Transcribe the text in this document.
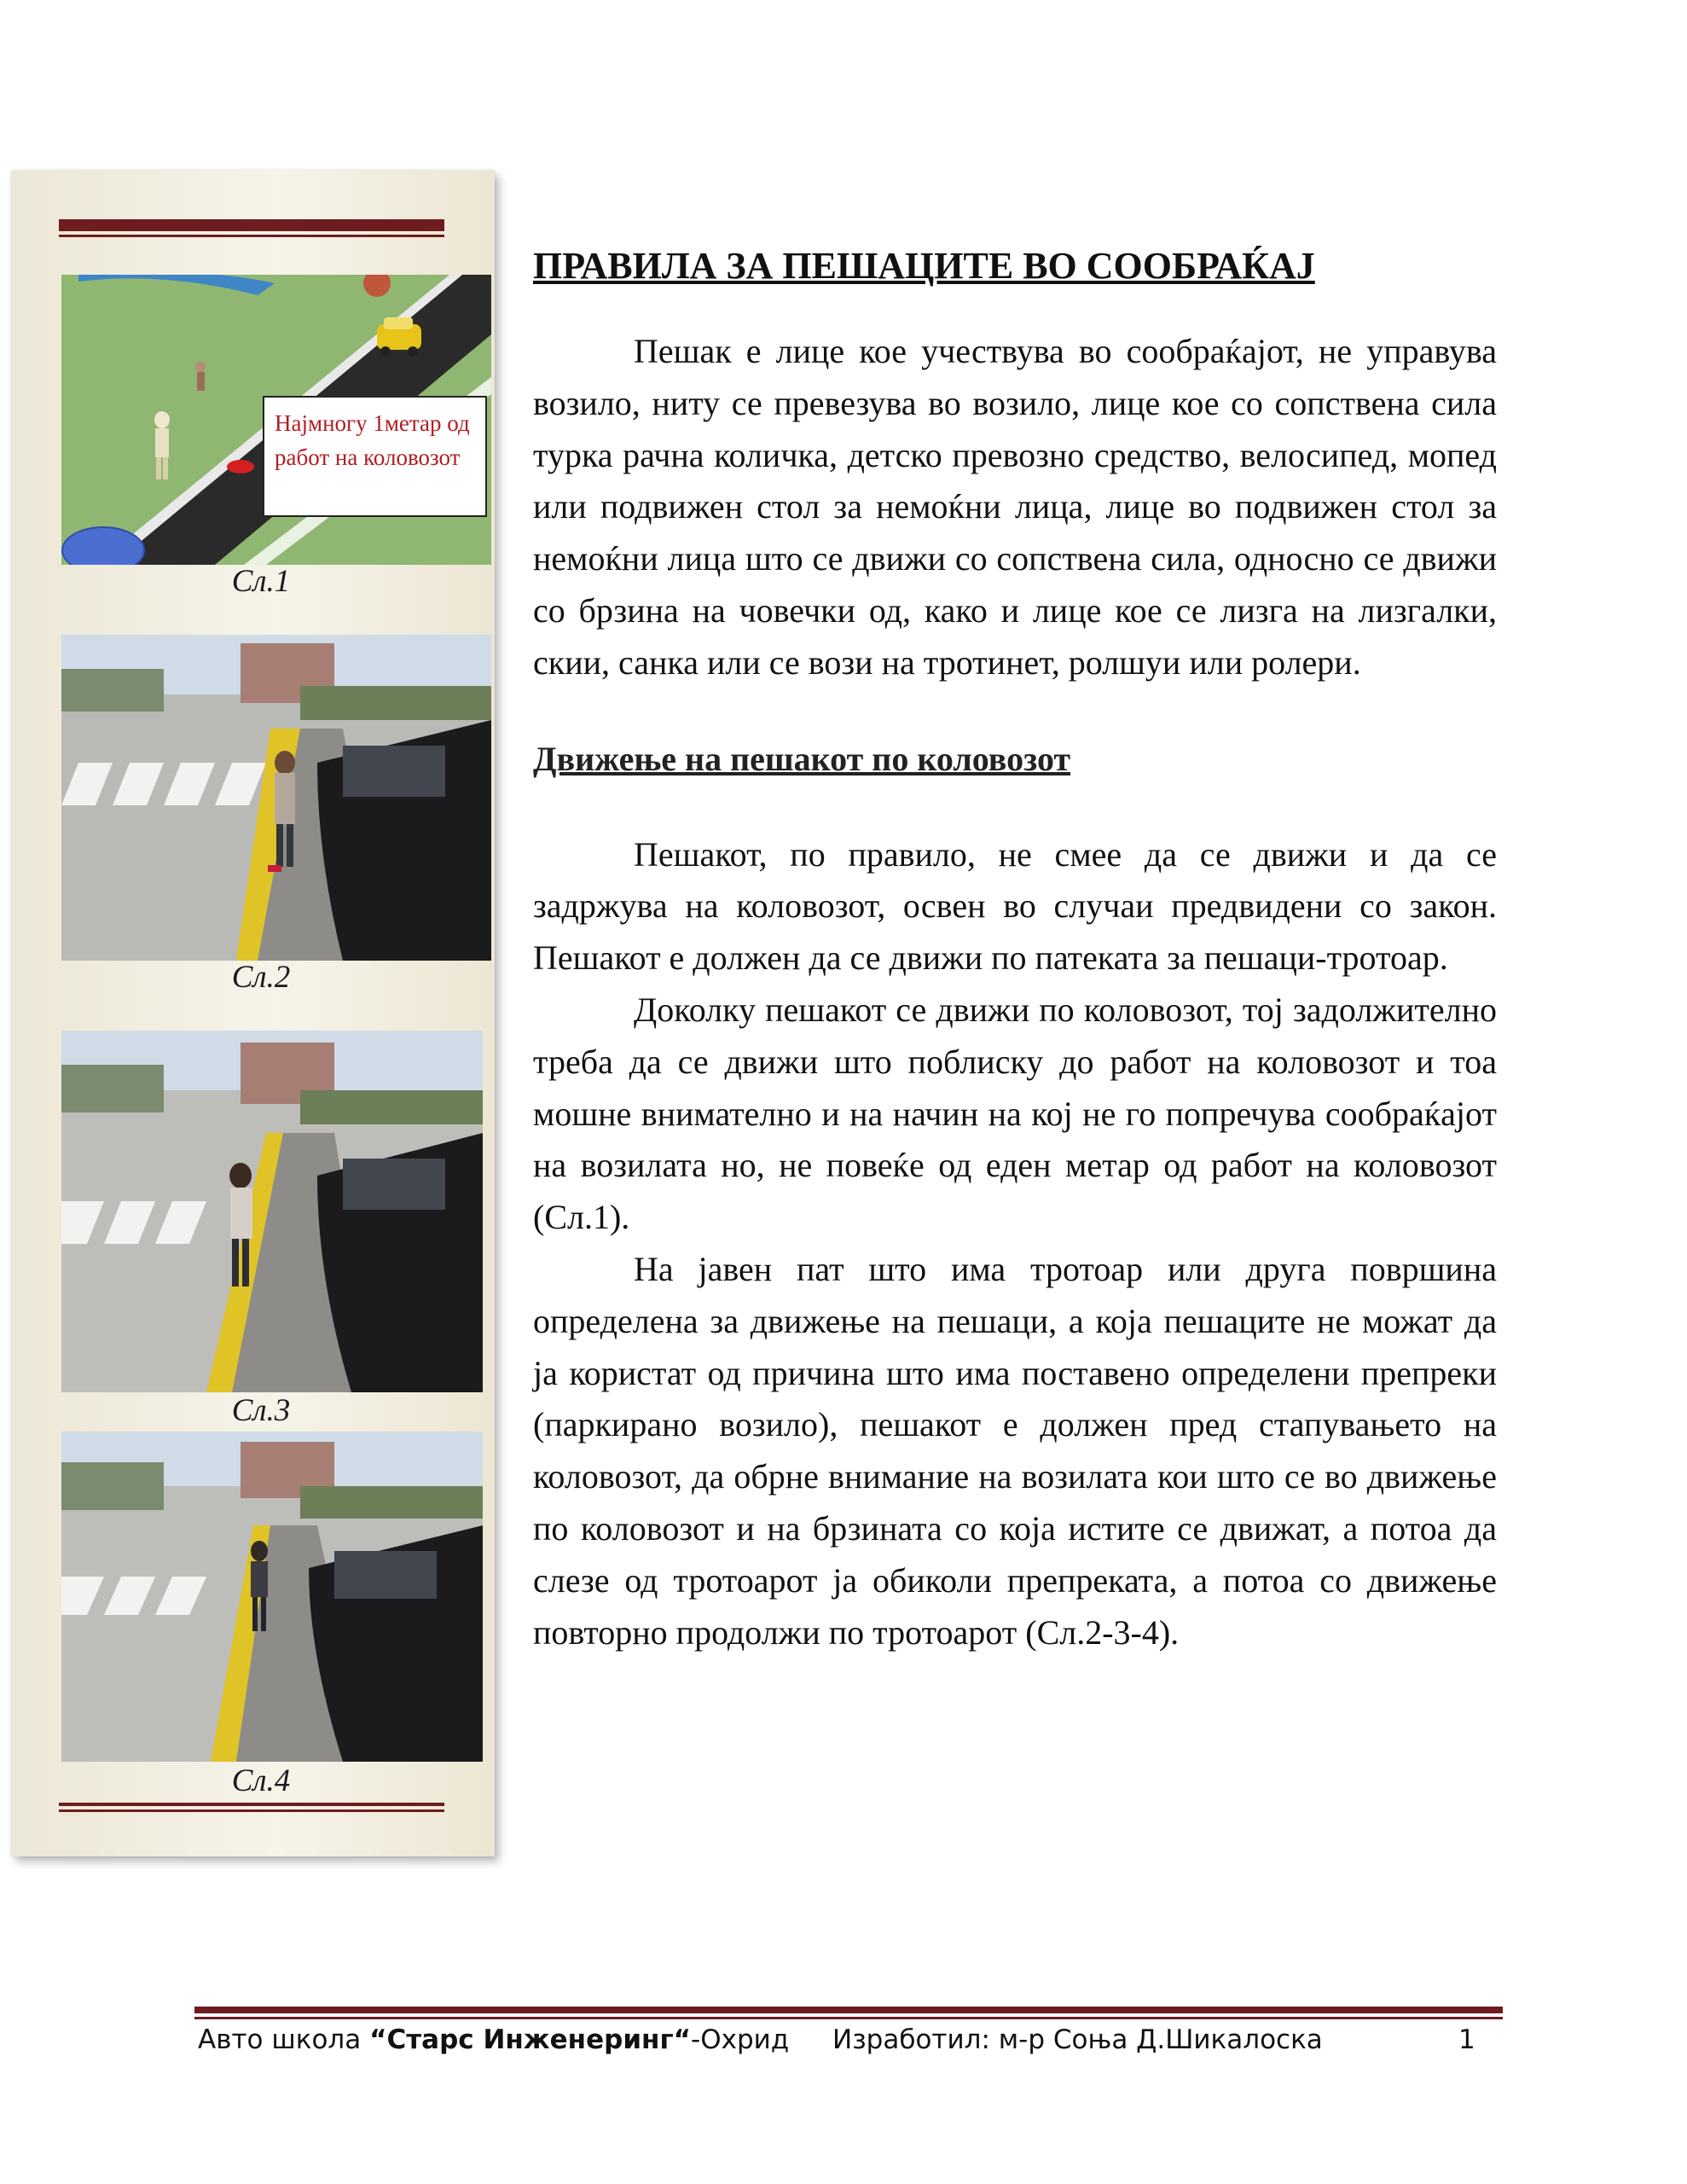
Најмногу 1метар од работ на коловозот
Сл.1
Сл.2
Сл.3
Сл.4
ПРАВИЛА ЗА ПЕШАЦИТЕ ВО СООБРАЌАЈ

Пешак е лице кое учествува во сообраќајот, не управува возило, ниту се превезува во возило, лице кое со сопствена сила турка рачна количка, детско превозно средство, велосипед, мопед или подвижен стол за немоќни лица, лице во подвижен стол за немоќни лица што се движи со сопствена сила, односно се движи со брзина на човечки од, како и лице кое се лизга на лизгалки, скии, санка или се вози на тротинет, ролшуи или ролери.

Движење на пешакот по коловозот

Пешакот, по правило, не смее да се движи и да се задржува на коловозот, освен во случаи предвидени со закон. Пешакот е должен да се движи по патеката за пешаци-тротоар.

Доколку пешакот се движи по коловозот, тој задолжително треба да се движи што поблиску до работ на коловозот и тоа мошне внимателно и на начин на кој не го попречува сообраќајот на возилата но, не повеќе од еден метар од работ на коловозот (Сл.1).

На јавен пат што има тротоар или друга површина определена за движење на пешаци, а која пешаците не можат да ја користат од причина што има поставено определени препреки (паркирано возило), пешакот е должен пред стапувањето на коловозот, да обрне внимание на возилата кои што се во движење по коловозот и на брзината со која истите се движат, а потоа да слезе од тротоарот ја обиколи препреката, а потоа со движење повторно продолжи по тротоарот (Сл.2-3-4).

Авто школа “Старс Инженеринг“-Охрид Изработил: м-р Соња Д.Шикалоска	1
